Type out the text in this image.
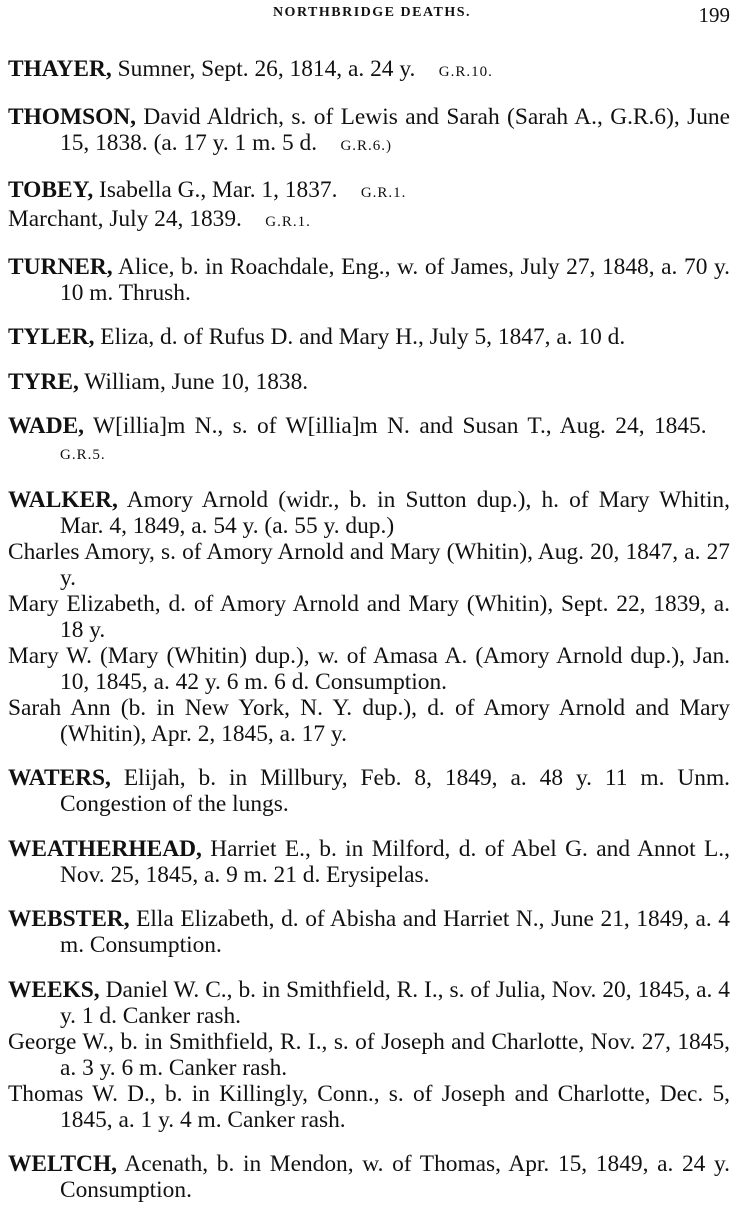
NORTHBRIDGE DEATHS.	199
THAYER, Sumner, Sept. 26, 1814, a. 24 y.  G.R.10.
THOMSON, David Aldrich, s. of Lewis and Sarah (Sarah A., G.R.6), June 15, 1838. (a. 17 y. 1 m. 5 d.  G.R.6.)
TOBEY, Isabella G., Mar. 1, 1837.  G.R.1.
Marchant, July 24, 1839.  G.R.1.
TURNER, Alice, b. in Roachdale, Eng., w. of James, July 27, 1848, a. 70 y. 10 m. Thrush.
TYLER, Eliza, d. of Rufus D. and Mary H., July 5, 1847, a. 10 d.
TYRE, William, June 10, 1838.
WADE, W[illia]m N., s. of W[illia]m N. and Susan T., Aug. 24, 1845. G.R.5.
WALKER, Amory Arnold (widr., b. in Sutton dup.), h. of Mary Whitin, Mar. 4, 1849, a. 54 y. (a. 55 y. dup.)
Charles Amory, s. of Amory Arnold and Mary (Whitin), Aug. 20, 1847, a. 27 y.
Mary Elizabeth, d. of Amory Arnold and Mary (Whitin), Sept. 22, 1839, a. 18 y.
Mary W. (Mary (Whitin) dup.), w. of Amasa A. (Amory Arnold dup.), Jan. 10, 1845, a. 42 y. 6 m. 6 d. Consumption.
Sarah Ann (b. in New York, N. Y. dup.), d. of Amory Arnold and Mary (Whitin), Apr. 2, 1845, a. 17 y.
WATERS, Elijah, b. in Millbury, Feb. 8, 1849, a. 48 y. 11 m. Unm. Congestion of the lungs.
WEATHERHEAD, Harriet E., b. in Milford, d. of Abel G. and Annot L., Nov. 25, 1845, a. 9 m. 21 d. Erysipelas.
WEBSTER, Ella Elizabeth, d. of Abisha and Harriet N., June 21, 1849, a. 4 m. Consumption.
WEEKS, Daniel W. C., b. in Smithfield, R. I., s. of Julia, Nov. 20, 1845, a. 4 y. 1 d. Canker rash.
George W., b. in Smithfield, R. I., s. of Joseph and Charlotte, Nov. 27, 1845, a. 3 y. 6 m. Canker rash.
Thomas W. D., b. in Killingly, Conn., s. of Joseph and Charlotte, Dec. 5, 1845, a. 1 y. 4 m. Canker rash.
WELTCH, Acenath, b. in Mendon, w. of Thomas, Apr. 15, 1849, a. 24 y. Consumption.
